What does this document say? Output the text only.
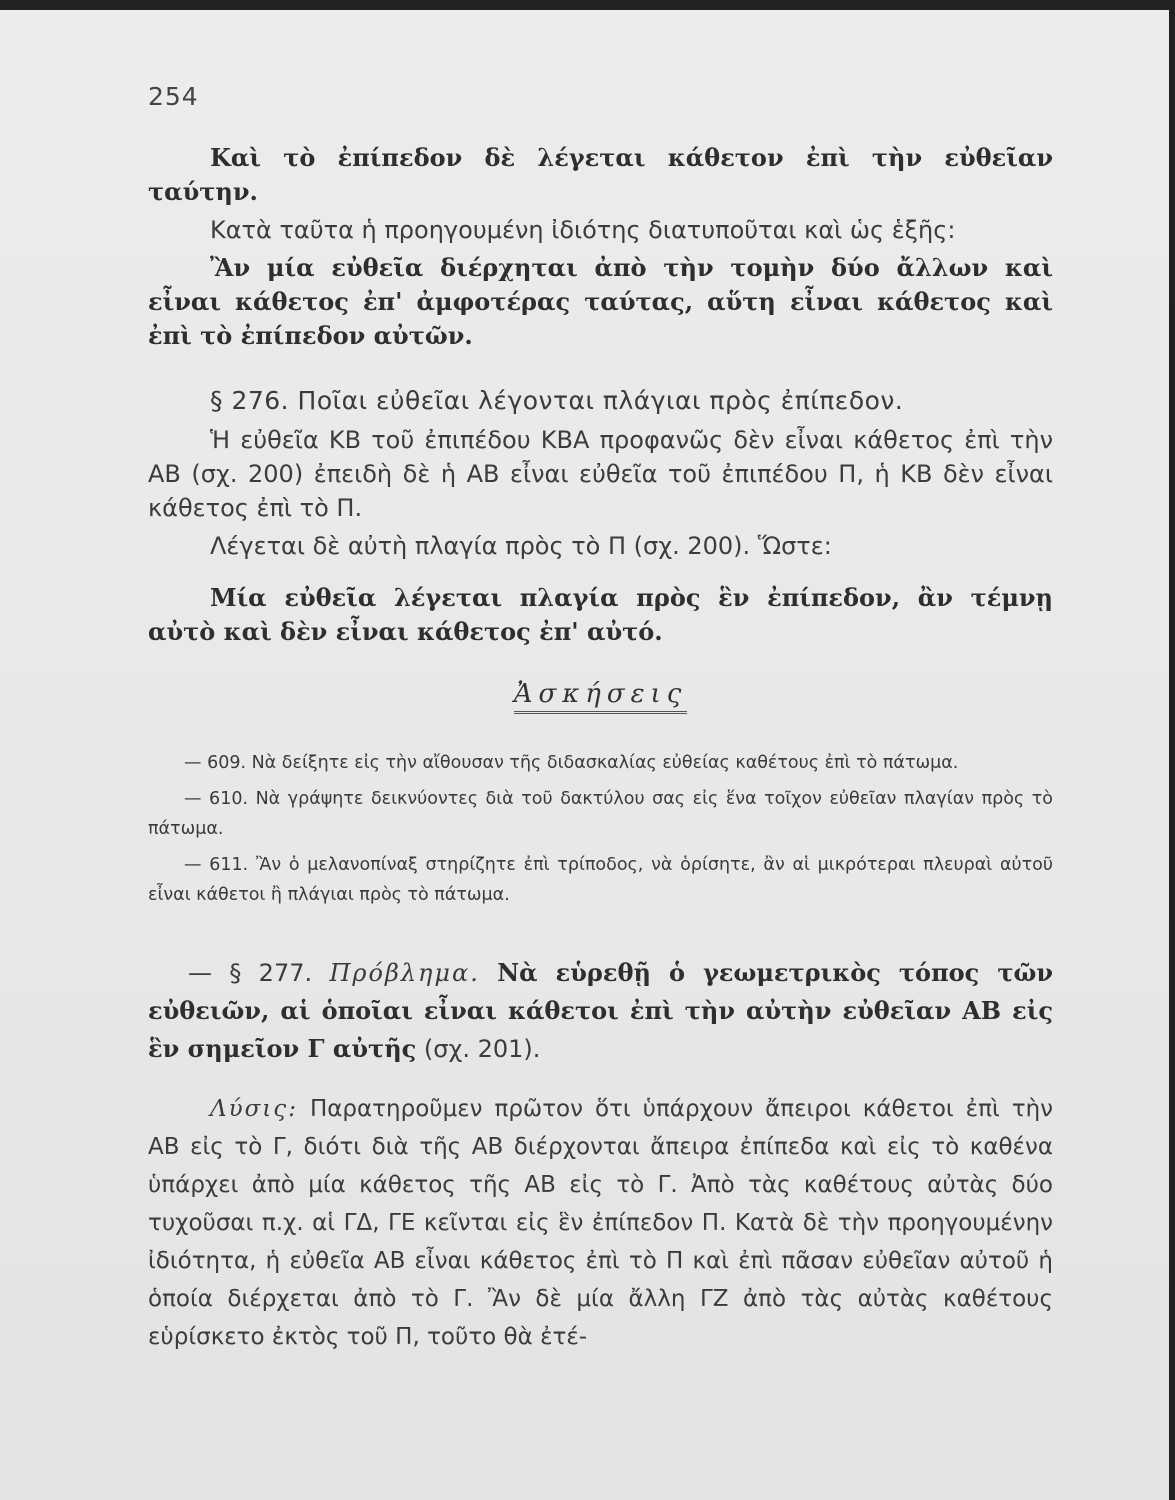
254

Καὶ τὸ ἐπίπεδον δὲ λέγεται κάθετον ἐπὶ τὴν εὐθεῖαν ταύτην.

Κατὰ ταῦτα ἡ προηγουμένη ἰδιότης διατυποῦται καὶ ὡς ἑξῆς:

Ἂν μία εὐθεῖα διέρχηται ἀπὸ τὴν τομὴν δύο ἄλλων καὶ εἶναι κάθετος ἐπ' ἀμφοτέρας ταύτας, αὕτη εἶναι κάθετος καὶ ἐπὶ τὸ ἐπίπεδον αὐτῶν.

§ 276. Ποῖαι εὐθεῖαι λέγονται πλάγιαι πρὸς ἐπίπεδον.

Ἡ εὐθεῖα ΚΒ τοῦ ἐπιπέδου ΚΒΑ προφανῶς δὲν εἶναι κάθετος ἐπὶ τὴν ΑΒ (σχ. 200) ἐπειδὴ δὲ ἡ ΑΒ εἶναι εὐθεῖα τοῦ ἐπιπέδου Π, ἡ ΚΒ δὲν εἶναι κάθετος ἐπὶ τὸ Π.

Λέγεται δὲ αὐτὴ πλαγία πρὸς τὸ Π (σχ. 200). Ὥστε:

Μία εὐθεῖα λέγεται πλαγία πρὸς ἓν ἐπίπεδον, ἂν τέμνῃ αὐτὸ καὶ δὲν εἶναι κάθετος ἐπ' αὐτό.

Ἀσκήσεις

— 609. Νὰ δείξητε εἰς τὴν αἴθουσαν τῆς διδασκαλίας εὐθείας καθέτους ἐπὶ τὸ πάτωμα.

— 610. Νὰ γράψητε δεικνύοντες διὰ τοῦ δακτύλου σας εἰς ἕνα τοῖχον εὐθεῖαν πλαγίαν πρὸς τὸ πάτωμα.

— 611. Ἂν ὁ μελανοπίναξ στηρίζητε ἐπὶ τρίποδος, νὰ ὁρίσητε, ἂν αἱ μικρότεραι πλευραὶ αὐτοῦ εἶναι κάθετοι ἢ πλάγιαι πρὸς τὸ πάτωμα.

— § 277. Πρόβλημα. Νὰ εὑρεθῇ ὁ γεωμετρικὸς τόπος τῶν εὐθειῶν, αἱ ὁποῖαι εἶναι κάθετοι ἐπὶ τὴν αὐτὴν εὐθεῖαν ΑΒ εἰς ἓν σημεῖον Γ αὐτῆς (σχ. 201).

Λύσις: Παρατηροῦμεν πρῶτον ὅτι ὑπάρχουν ἄπειροι κάθετοι ἐπὶ τὴν ΑΒ εἰς τὸ Γ, διότι διὰ τῆς ΑΒ διέρχονται ἄπειρα ἐπίπεδα καὶ εἰς τὸ καθένα ὑπάρχει ἀπὸ μία κάθετος τῆς ΑΒ εἰς τὸ Γ. Ἀπὸ τὰς καθέτους αὐτὰς δύο τυχοῦσαι π.χ. αἱ ΓΔ, ΓΕ κεῖνται εἰς ἓν ἐπίπεδον Π. Κατὰ δὲ τὴν προηγουμένην ἰδιότητα, ἡ εὐθεῖα ΑΒ εἶναι κάθετος ἐπὶ τὸ Π καὶ ἐπὶ πᾶσαν εὐθεῖαν αὐτοῦ ἡ ὁποία διέρχεται ἀπὸ τὸ Γ. Ἂν δὲ μία ἄλλη ΓΖ ἀπὸ τὰς αὐτὰς καθέτους εὑρίσκετο ἐκτὸς τοῦ Π, τοῦτο θὰ ἐτέ-
